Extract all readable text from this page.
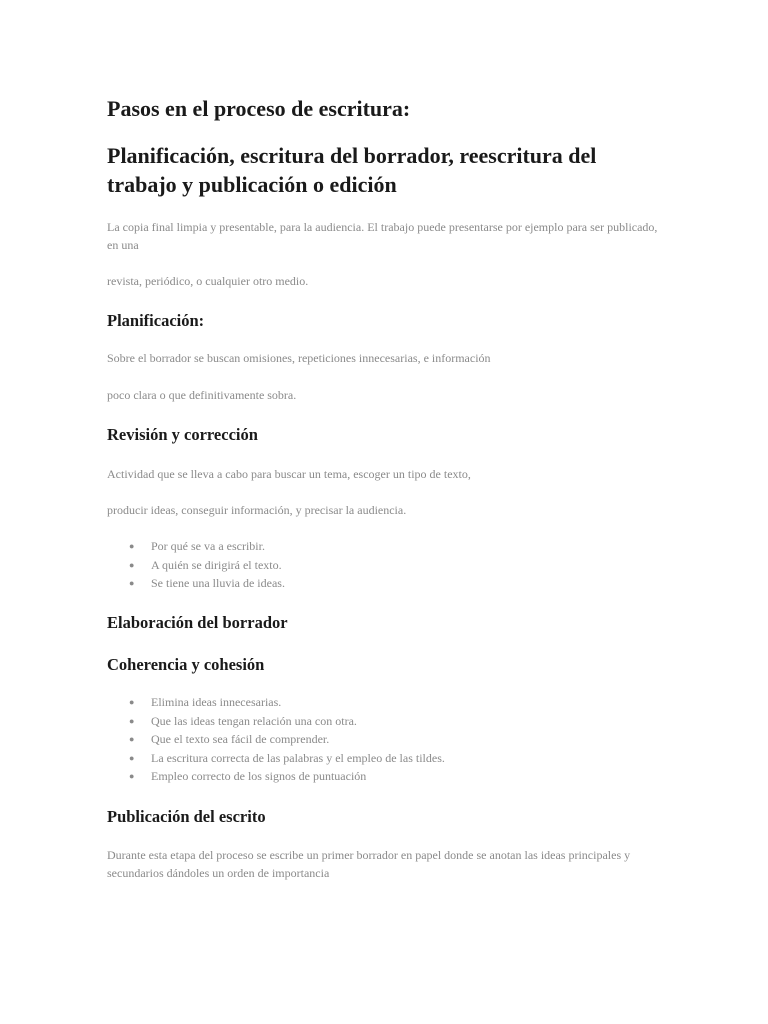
Pasos en el proceso de escritura:
Planificación, escritura del borrador, reescritura del trabajo y publicación o edición

La copia final limpia y presentable, para la audiencia. El trabajo puede presentarse por ejemplo para ser publicado, en una

revista, periódico, o cualquier otro medio.

Planificación:

Sobre el borrador se buscan omisiones, repeticiones innecesarias, e información

poco clara o que definitivamente sobra.

Revisión y corrección

Actividad que se lleva a cabo para buscar un tema, escoger un tipo de texto,

producir ideas, conseguir información, y precisar la audiencia.

● Por qué se va a escribir.
● A quién se dirigirá el texto.
● Se tiene una lluvia de ideas.
Elaboración del borrador
Coherencia y cohesión
● Elimina ideas innecesarias.
● Que las ideas tengan relación una con otra.
● Que el texto sea fácil de comprender.
● La escritura correcta de las palabras y el empleo de las tildes.
● Empleo correcto de los signos de puntuación
Publicación del escrito

Durante esta etapa del proceso se escribe un primer borrador en papel donde se anotan las ideas principales y secundarios dándoles un orden de importancia
